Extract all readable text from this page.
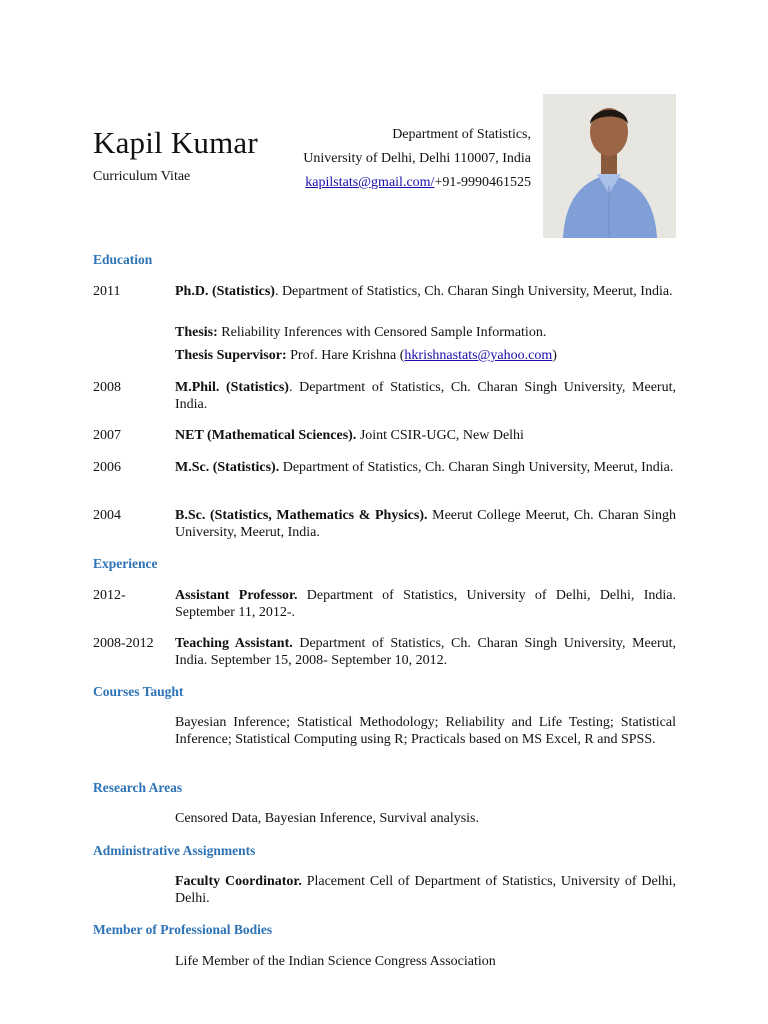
Kapil Kumar
Curriculum Vitae
Department of Statistics,
University of Delhi, Delhi 110007, India
kapilstats@gmail.com/+91-9990461525
Education
2011	Ph.D. (Statistics). Department of Statistics, Ch. Charan Singh University, Meerut, India.
Thesis: Reliability Inferences with Censored Sample Information.
Thesis Supervisor: Prof. Hare Krishna (hkrishnastats@yahoo.com)
2008	M.Phil. (Statistics). Department of Statistics, Ch. Charan Singh University, Meerut, India.
2007	NET (Mathematical Sciences). Joint CSIR-UGC, New Delhi
2006	M.Sc. (Statistics). Department of Statistics, Ch. Charan Singh University, Meerut, India.
2004	B.Sc. (Statistics, Mathematics & Physics). Meerut College Meerut, Ch. Charan Singh University, Meerut, India.
Experience
2012-	Assistant Professor. Department of Statistics, University of Delhi, Delhi, India. September 11, 2012-.
2008-2012 Teaching Assistant. Department of Statistics, Ch. Charan Singh University, Meerut, India. September 15, 2008- September 10, 2012.
Courses Taught
Bayesian Inference; Statistical Methodology; Reliability and Life Testing; Statistical Inference; Statistical Computing using R; Practicals based on MS Excel, R and SPSS.
Research Areas
Censored Data, Bayesian Inference, Survival analysis.
Administrative Assignments
Faculty Coordinator. Placement Cell of Department of Statistics, University of Delhi, Delhi.
Member of Professional Bodies
Life Member of the Indian Science Congress Association
